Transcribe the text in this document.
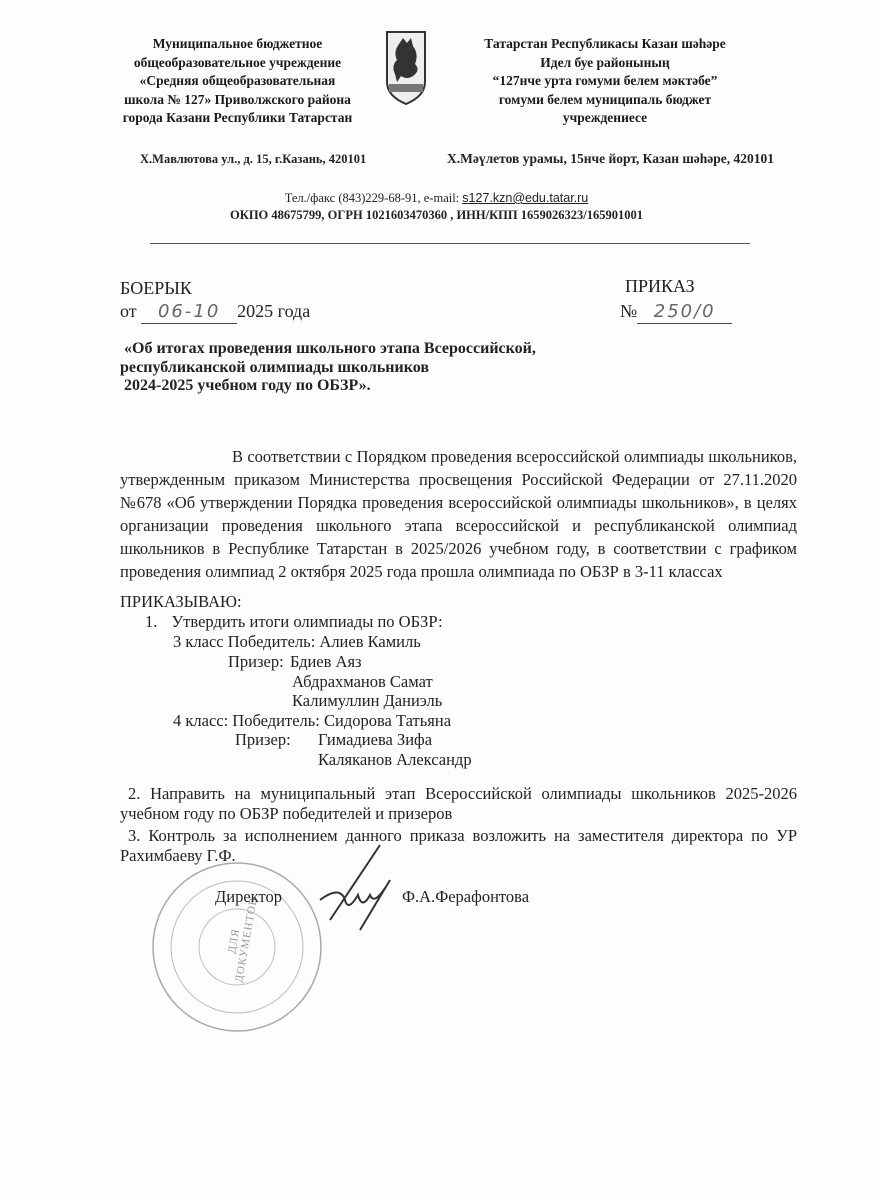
Муниципальное бюджетное
общеобразовательное учреждение
«Средняя общеобразовательная
школа № 127» Приволжского района
города Казани Республики Татарстан
Татарстан Республикасы Казан шәһәре
Идел буе районының
“127нче урта гомуми белем мәктәбе”
гомуми белем муниципаль бюджет
учреждениесе
Х.Мавлютова ул., д. 15, г.Казань, 420101	Х.Мәүлетов урамы, 15нче йорт, Казан шәһәре, 420101
Тел./факс (843)229-68-91, e-mail: s127.kzn@edu.tatar.ru
ОКПО 48675799, ОГРН 1021603470360 , ИНН/КПП 1659026323/165901001
БОЕРЫК
от 06-10 2025 года
ПРИКАЗ
№ 250/0
«Об итогах проведения школьного этапа Всероссийской,
республиканской олимпиады школьников
2024-2025 учебном году по ОБЗР».
В соответствии с Порядком проведения всероссийской олимпиады школьников, утвержденным приказом Министерства просвещения Российской Федерации от 27.11.2020 №678 «Об утверждении Порядка проведения всероссийской олимпиады школьников», в целях организации проведения школьного этапа всероссийской и республиканской олимпиад школьников в Республике Татарстан в 2025/2026 учебном году, в соответствии с графиком проведения олимпиад 2 октября 2025 года прошла олимпиада по ОБЗР в 3-11 классах
ПРИКАЗЫВАЮ:
1. Утвердить итоги олимпиады по ОБЗР:
3 класс Победитель: Алиев Камиль
Призер: Бдиев Аяз
Абдрахманов Самат
Калимуллин Даниэль
4 класс: Победитель: Сидорова Татьяна
Призер: Гимадиева Зифа
Каляканов Александр
2. Направить на муниципальный этап Всероссийской олимпиады школьников 2025-2026 учебном году по ОБЗР победителей и призеров
3. Контроль за исполнением данного приказа возложить на заместителя директора по УР Рахимбаеву Г.Ф.
ДЛЯ ДОКУМЕНТОВ
Директор	Ф.А.Ферафонтова
